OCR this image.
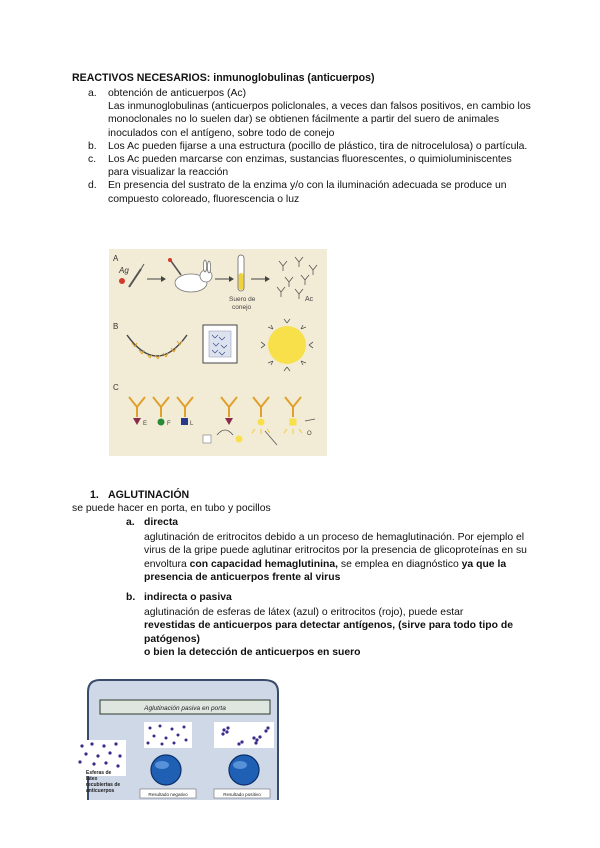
REACTIVOS NECESARIOS: inmunoglobulinas (anticuerpos)
a. obtención de anticuerpos (Ac)
Las inmunoglobulinas (anticuerpos policlonales, a veces dan falsos positivos, en cambio los monoclonales no lo suelen dar) se obtienen fácilmente a partir del suero de animales inoculados con el antígeno, sobre todo de conejo
b. Los Ac pueden fijarse a una estructura (pocillo de plástico, tira de nitrocelulosa) o partícula.
c. Los Ac pueden marcarse con enzimas, sustancias fluorescentes, o quimioluminiscentes para visualizar la reacción
d. En presencia del sustrato de la enzima y/o con la iluminación adecuada se produce un compuesto coloreado, fluorescencia o luz
A
Ag
Suero de
conejo
Ac
B
C
E	F	L
O
1. AGLUTINACIÓN
se puede hacer en porta, en tubo y pocillos
a. directa
aglutinación de eritrocitos debido a un proceso de hemaglutinación. Por ejemplo el virus de la gripe puede aglutinar eritrocitos por la presencia de glicoproteínas en su envoltura con capacidad hemaglutinina, se emplea en diagnóstico ya que la presencia de anticuerpos frente al virus
b. indirecta o pasiva
aglutinación de esferas de látex (azul) o eritrocitos (rojo), puede estar
revestidas de anticuerpos para detectar antígenos, (sirve para todo tipo de patógenos)
o bien la detección de anticuerpos en suero
Aglutinación pasiva en porta
Esferas de
látex
recubiertas de
anticuerpos
Resultado negativo	Resultado positivo
